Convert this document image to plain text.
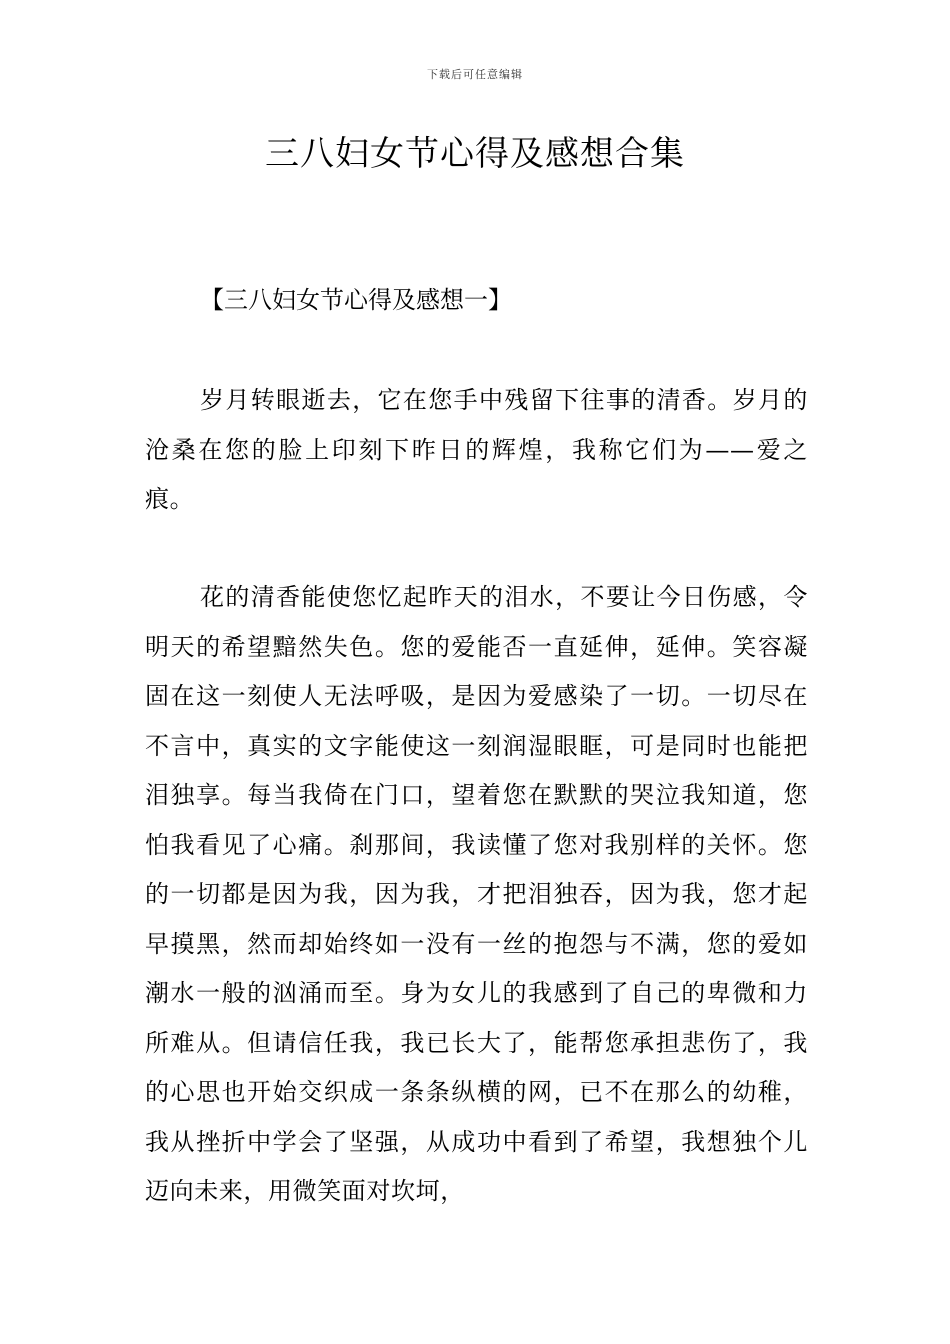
下载后可任意编辑
三八妇女节心得及感想合集
【三八妇女节心得及感想一】

岁月转眼逝去，它在您手中残留下往事的清香。岁月的沧桑在您的脸上印刻下昨日的辉煌，我称它们为——爱之痕。

花的清香能使您忆起昨天的泪水，不要让今日伤感，令明天的希望黯然失色。您的爱能否一直延伸，延伸。笑容凝固在这一刻使人无法呼吸，是因为爱感染了一切。一切尽在不言中，真实的文字能使这一刻润湿眼眶，可是同时也能把泪独享。每当我倚在门口，望着您在默默的哭泣我知道，您怕我看见了心痛。刹那间，我读懂了您对我别样的关怀。您的一切都是因为我，因为我，才把泪独吞，因为我，您才起早摸黑，然而却始终如一没有一丝的抱怨与不满，您的爱如潮水一般的汹涌而至。身为女儿的我感到了自己的卑微和力所难从。但请信任我，我已长大了，能帮您承担悲伤了，我的心思也开始交织成一条条纵横的网，已不在那么的幼稚，我从挫折中学会了坚强，从成功中看到了希望，我想独个儿迈向未来，用微笑面对坎坷，
